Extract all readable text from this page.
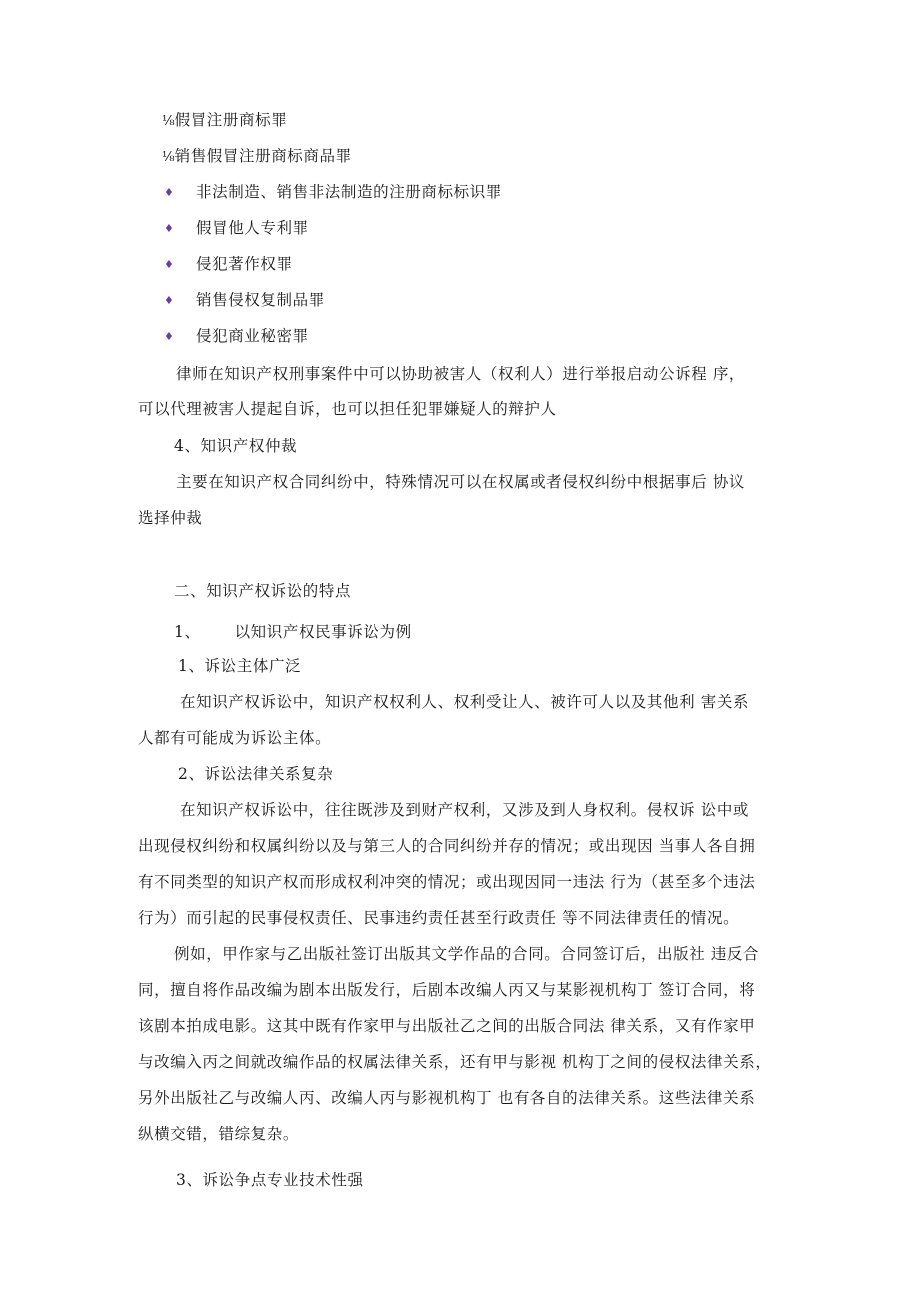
⅛假冒注册商标罪
⅛销售假冒注册商标商品罪
♦ 非法制造、销售非法制造的注册商标标识罪
♦ 假冒他人专利罪
♦ 侵犯著作权罪
♦ 销售侵权复制品罪
♦ 侵犯商业秘密罪
律师在知识产权刑事案件中可以协助被害人（权利人）进行举报启动公诉程 序，
可以代理被害人提起自诉，也可以担任犯罪嫌疑人的辩护人
4、知识产权仲裁
主要在知识产权合同纠纷中，特殊情况可以在权属或者侵权纠纷中根据事后 协议
选择仲裁
二、知识产权诉讼的特点
1、 以知识产权民事诉讼为例
1、诉讼主体广泛
在知识产权诉讼中，知识产权权利人、权利受让人、被许可人以及其他利 害关系
人都有可能成为诉讼主体。
2、诉讼法律关系复杂
在知识产权诉讼中，往往既涉及到财产权利，又涉及到人身权利。侵权诉 讼中或
出现侵权纠纷和权属纠纷以及与第三人的合同纠纷并存的情况；或出现因 当事人各自拥
有不同类型的知识产权而形成权利冲突的情况；或出现因同一违法 行为（甚至多个违法
行为）而引起的民事侵权责任、民事违约责任甚至行政责任 等不同法律责任的情况。
例如，甲作家与乙出版社签订出版其文学作品的合同。合同签订后，出版社 违反合
同，擅自将作品改编为剧本出版发行，后剧本改编人丙又与某影视机构丁 签订合同，将
该剧本拍成电影。这其中既有作家甲与出版社乙之间的出版合同法 律关系，又有作家甲
与改编入丙之间就改编作品的权属法律关系，还有甲与影视 机构丁之间的侵权法律关系，
另外出版社乙与改编人丙、改编人丙与影视机构丁 也有各自的法律关系。这些法律关系
纵横交错，错综复杂。
3、诉讼争点专业技术性强
